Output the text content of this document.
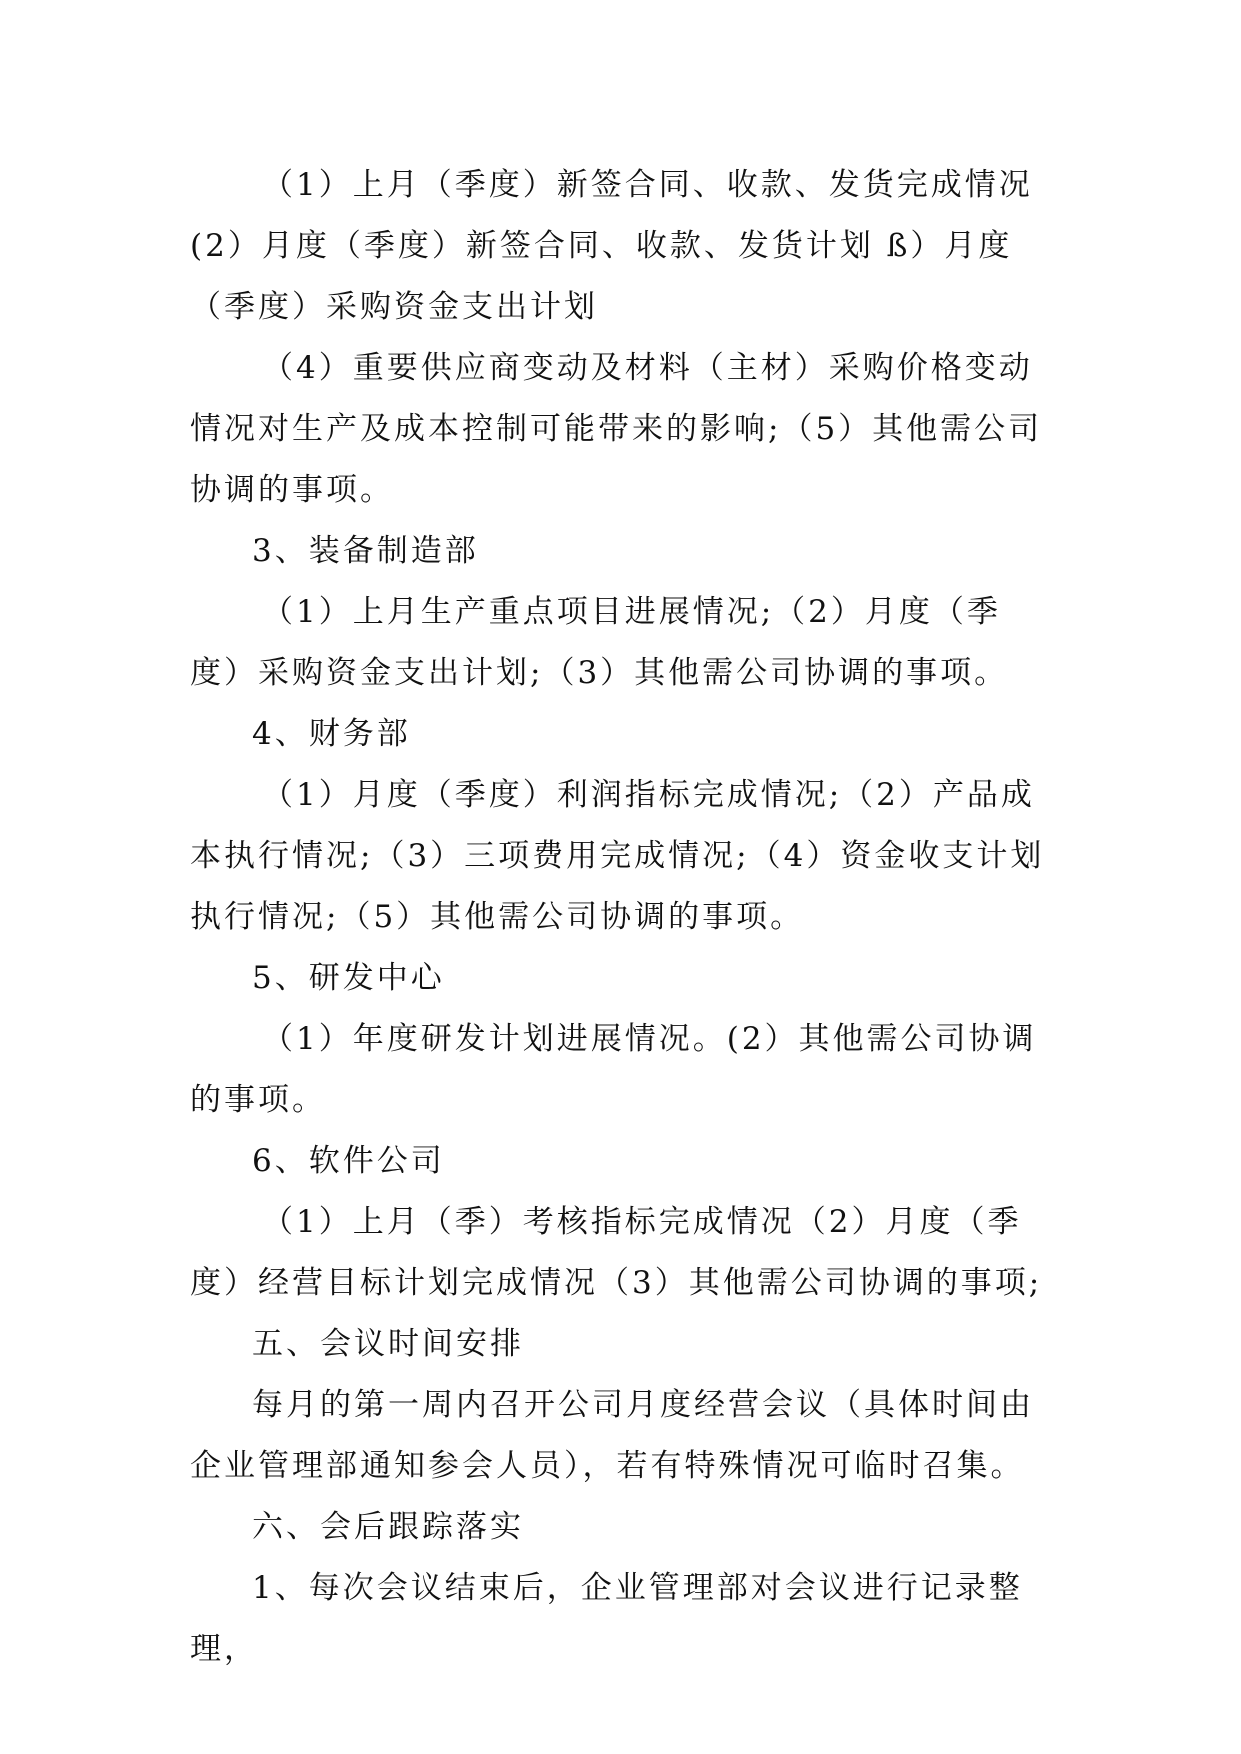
（1）上月（季度）新签合同、收款、发货完成情况(2）月度（季度）新签合同、收款、发货计划 ß）月度（季度）采购资金支出计划

（4）重要供应商变动及材料（主材）采购价格变动情况对生产及成本控制可能带来的影响;（5）其他需公司协调的事项。

3、装备制造部

（1）上月生产重点项目进展情况;（2）月度（季度）采购资金支出计划;（3）其他需公司协调的事项。

4、财务部

（1）月度（季度）利润指标完成情况;（2）产品成本执行情况;（3）三项费用完成情况;（4）资金收支计划执行情况;（5）其他需公司协调的事项。

5、研发中心

（1）年度研发计划进展情况。(2）其他需公司协调的事项。

6、软件公司

（1）上月（季）考核指标完成情况（2）月度（季度）经营目标计划完成情况（3）其他需公司协调的事项;

五、会议时间安排

每月的第一周内召开公司月度经营会议（具体时间由企业管理部通知参会人员），若有特殊情况可临时召集。

六、会后跟踪落实

1、每次会议结束后，企业管理部对会议进行记录整理，
